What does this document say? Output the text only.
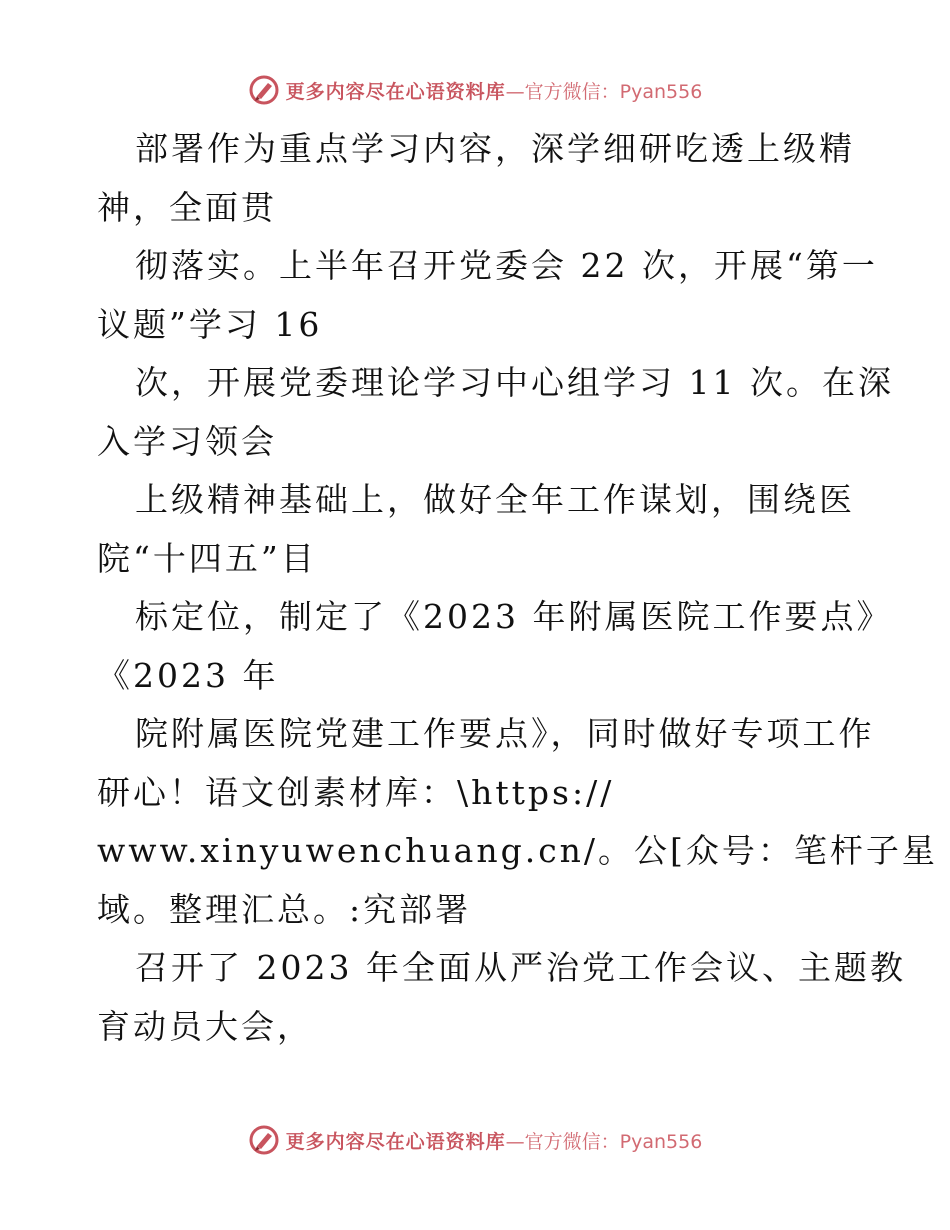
更多内容尽在心语资料库 —官方微信：Pyan556
部署作为重点学习内容，深学细研吃透上级精
神，全面贯
彻落实。上半年召开党委会 22 次，开展“第一
议题”学习 16
次，开展党委理论学习中心组学习 11 次。在深
入学习领会
上级精神基础上，做好全年工作谋划，围绕医
院“十四五”目
标定位，制定了《2023 年附属医院工作要点》
《2023 年
院附属医院党建工作要点》，同时做好专项工作
研心！语文创素材库：\https://
www.xinyuwenchuang.cn/。公[众号：笔杆子星
域。整理汇总。:究部署
召开了 2023 年全面从严治党工作会议、主题教
育动员大会，
更多内容尽在心语资料库 —官方微信：Pyan556
